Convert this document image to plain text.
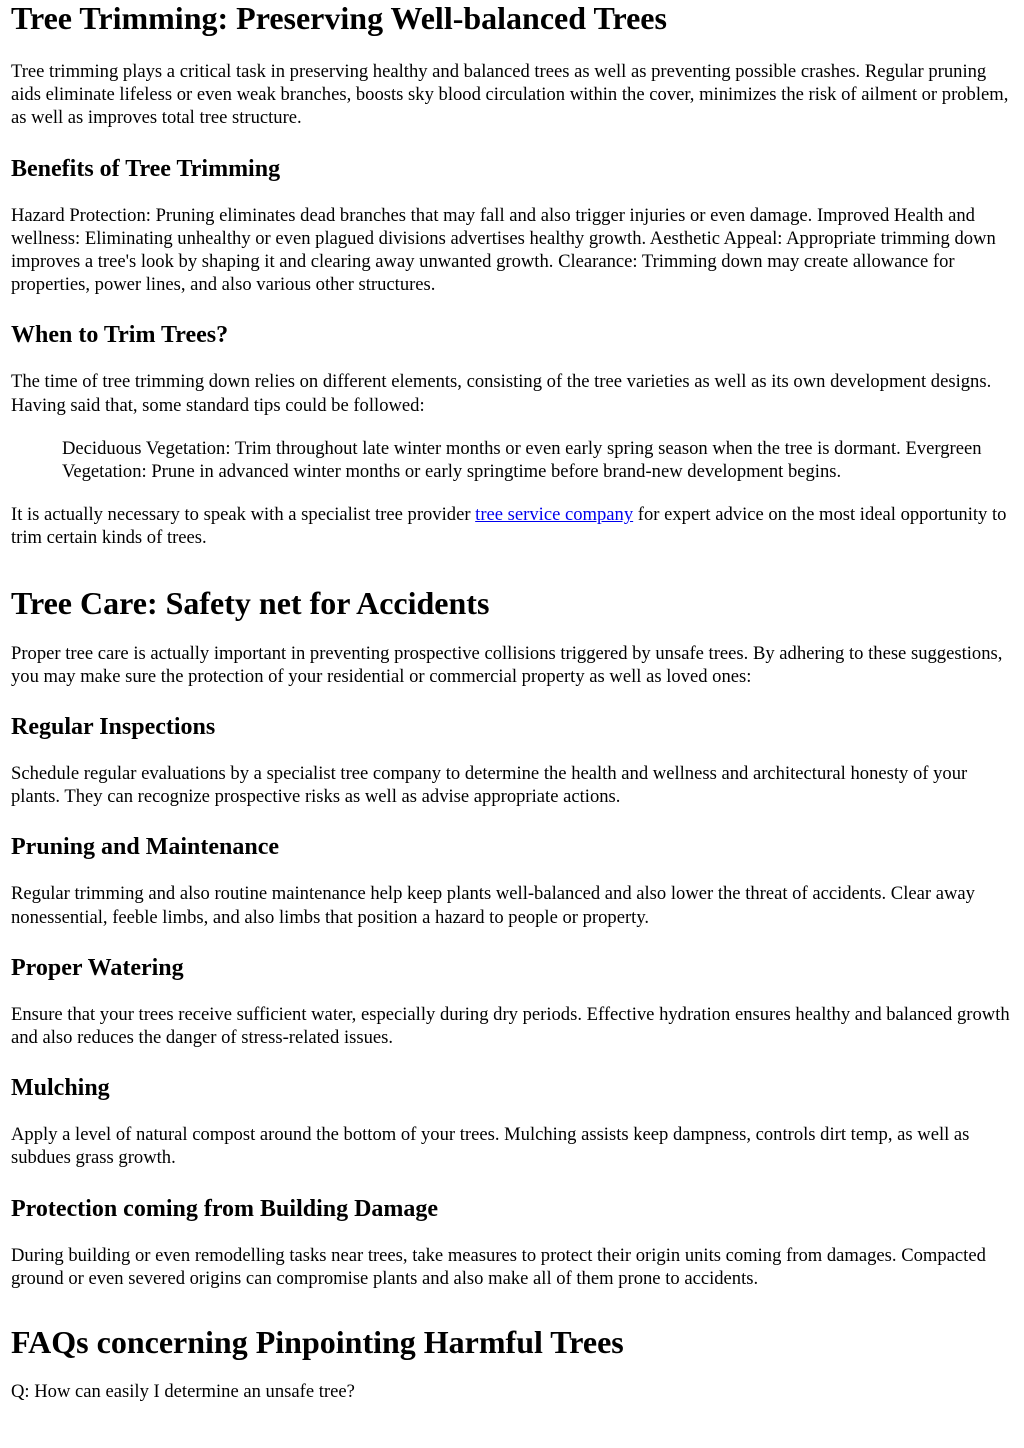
Tree Trimming: Preserving Well-balanced Trees

Tree trimming plays a critical task in preserving healthy and balanced trees as well as preventing possible crashes. Regular pruning aids eliminate lifeless or even weak branches, boosts sky blood circulation within the cover, minimizes the risk of ailment or problem, as well as improves total tree structure.

Benefits of Tree Trimming

Hazard Protection: Pruning eliminates dead branches that may fall and also trigger injuries or even damage. Improved Health and wellness: Eliminating unhealthy or even plagued divisions advertises healthy growth. Aesthetic Appeal: Appropriate trimming down improves a tree's look by shaping it and clearing away unwanted growth. Clearance: Trimming down may create allowance for properties, power lines, and also various other structures.

When to Trim Trees?

The time of tree trimming down relies on different elements, consisting of the tree varieties as well as its own development designs. Having said that, some standard tips could be followed:

Deciduous Vegetation: Trim throughout late winter months or even early spring season when the tree is dormant. Evergreen Vegetation: Prune in advanced winter months or early springtime before brand-new development begins.

It is actually necessary to speak with a specialist tree provider tree service company for expert advice on the most ideal opportunity to trim certain kinds of trees.

Tree Care: Safety net for Accidents

Proper tree care is actually important in preventing prospective collisions triggered by unsafe trees. By adhering to these suggestions, you may make sure the protection of your residential or commercial property as well as loved ones:

Regular Inspections

Schedule regular evaluations by a specialist tree company to determine the health and wellness and architectural honesty of your plants. They can recognize prospective risks as well as advise appropriate actions.

Pruning and Maintenance

Regular trimming and also routine maintenance help keep plants well-balanced and also lower the threat of accidents. Clear away nonessential, feeble limbs, and also limbs that position a hazard to people or property.

Proper Watering

Ensure that your trees receive sufficient water, especially during dry periods. Effective hydration ensures healthy and balanced growth and also reduces the danger of stress-related issues.

Mulching

Apply a level of natural compost around the bottom of your trees. Mulching assists keep dampness, controls dirt temp, as well as subdues grass growth.

Protection coming from Building Damage

During building or even remodelling tasks near trees, take measures to protect their origin units coming from damages. Compacted ground or even severed origins can compromise plants and also make all of them prone to accidents.

FAQs concerning Pinpointing Harmful Trees

Q: How can easily I determine an unsafe tree?
